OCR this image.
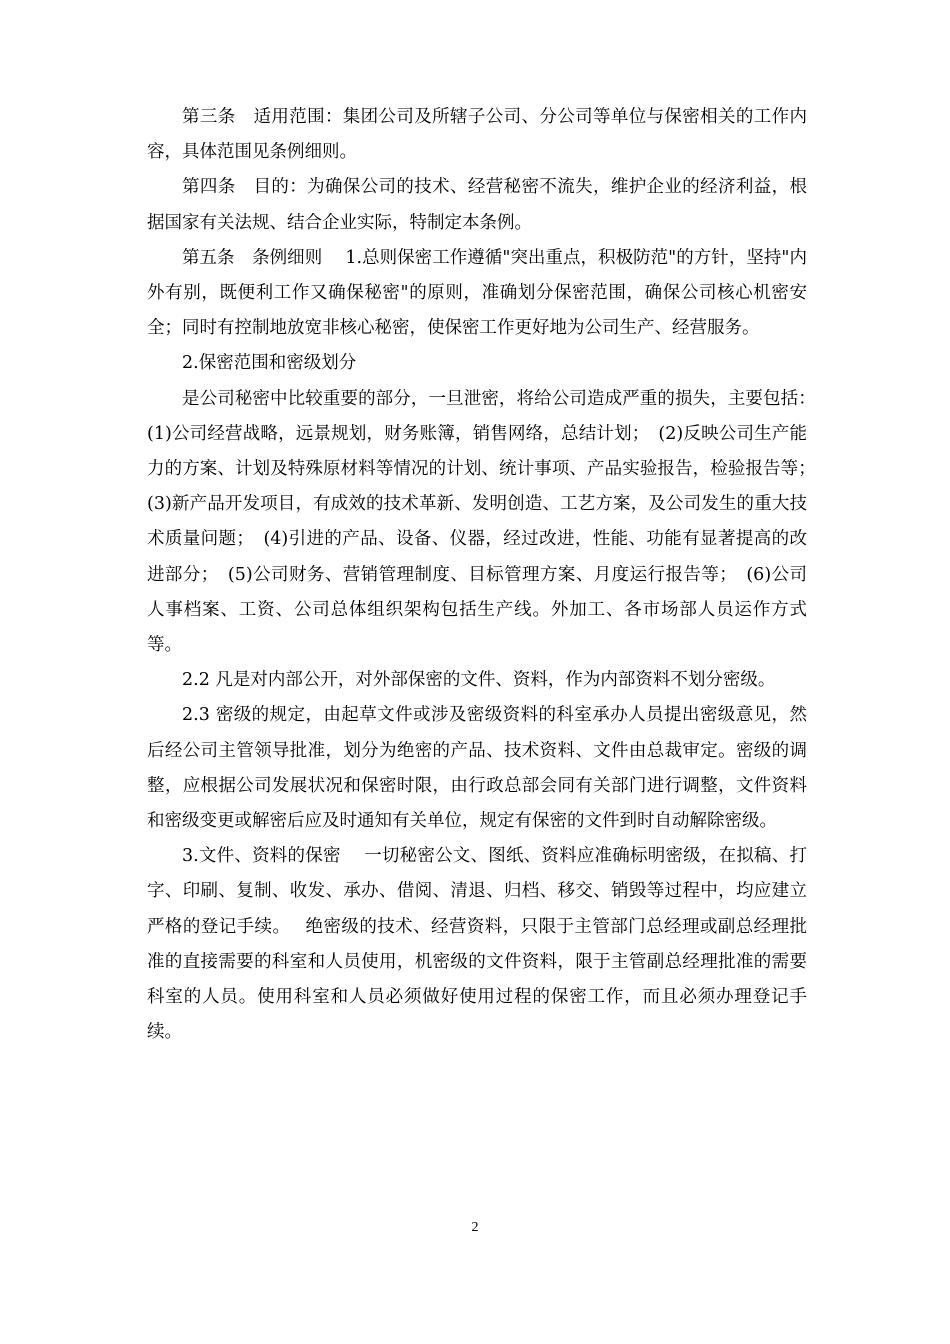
第三条　适用范围：集团公司及所辖子公司、分公司等单位与保密相关的工作内容，具体范围见条例细则。

第四条　目的：为确保公司的技术、经营秘密不流失，维护企业的经济利益，根据国家有关法规、结合企业实际，特制定本条例。

第五条　条例细则　 1.总则保密工作遵循"突出重点，积极防范"的方针，坚持"内外有别，既便利工作又确保秘密"的原则，准确划分保密范围，确保公司核心机密安全；同时有控制地放宽非核心秘密，使保密工作更好地为公司生产、经营服务。

2.保密范围和密级划分

是公司秘密中比较重要的部分，一旦泄密，将给公司造成严重的损失，主要包括：　(1)公司经营战略，远景规划，财务账簿，销售网络，总结计划；　(2)反映公司生产能力的方案、计划及特殊原材料等情况的计划、统计事项、产品实验报告，检验报告等；　(3)新产品开发项目，有成效的技术革新、发明创造、工艺方案，及公司发生的重大技术质量问题；　(4)引进的产品、设备、仪器，经过改进，性能、功能有显著提高的改进部分；　(5)公司财务、营销管理制度、目标管理方案、月度运行报告等；　(6)公司人事档案、工资、公司总体组织架构包括生产线。外加工、各市场部人员运作方式等。

2.2 凡是对内部公开，对外部保密的文件、资料，作为内部资料不划分密级。

2.3 密级的规定，由起草文件或涉及密级资料的科室承办人员提出密级意见，然后经公司主管领导批准，划分为绝密的产品、技术资料、文件由总裁审定。密级的调整，应根据公司发展状况和保密时限，由行政总部会同有关部门进行调整，文件资料和密级变更或解密后应及时通知有关单位，规定有保密的文件到时自动解除密级。

3.文件、资料的保密　 一切秘密公文、图纸、资料应准确标明密级，在拟稿、打字、印刷、复制、收发、承办、借阅、清退、归档、移交、销毁等过程中，均应建立严格的登记手续。　 绝密级的技术、经营资料，只限于主管部门总经理或副总经理批准的直接需要的科室和人员使用，机密级的文件资料，限于主管副总经理批准的需要科室的人员。使用科室和人员必须做好使用过程的保密工作，而且必须办理登记手续。

2
